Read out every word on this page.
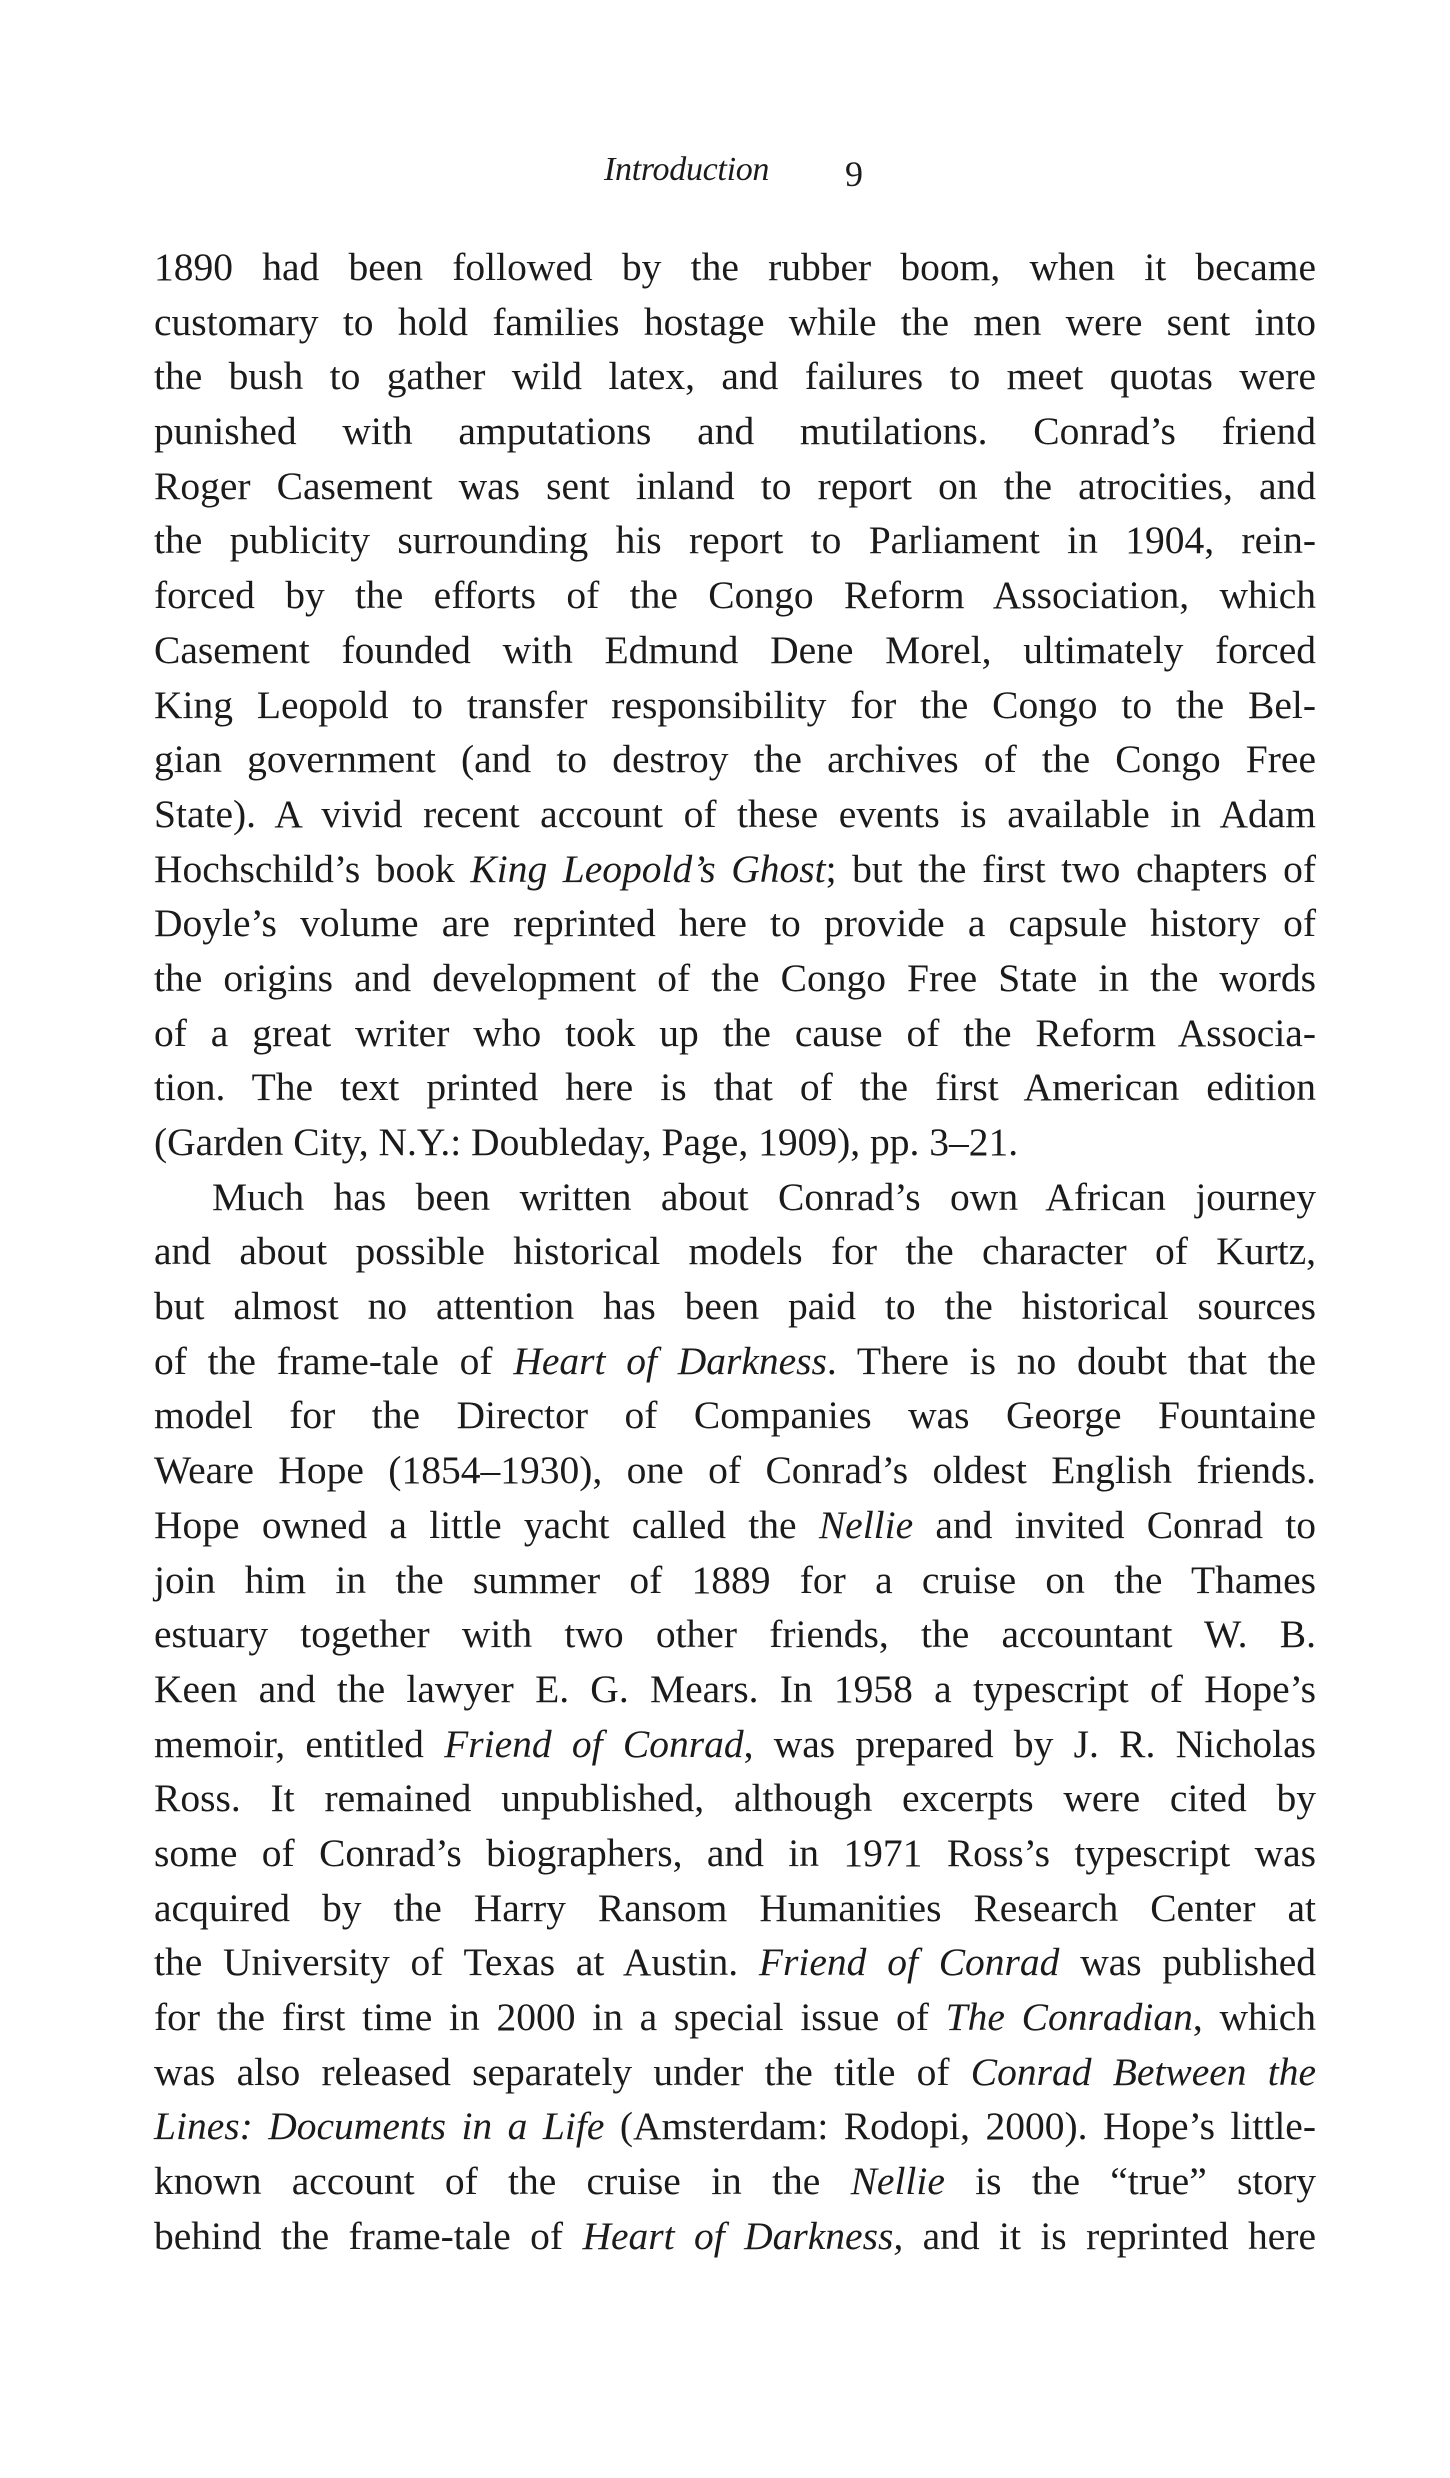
Introduction 9
1890 had been followed by the rubber boom, when it became
customary to hold families hostage while the men were sent into
the bush to gather wild latex, and failures to meet quotas were
punished with amputations and mutilations. Conrad’s friend
Roger Casement was sent inland to report on the atrocities, and
the publicity surrounding his report to Parliament in 1904, rein-
forced by the efforts of the Congo Reform Association, which
Casement founded with Edmund Dene Morel, ultimately forced
King Leopold to transfer responsibility for the Congo to the Bel-
gian government (and to destroy the archives of the Congo Free
State). A vivid recent account of these events is available in Adam
Hochschild’s book King Leopold’s Ghost; but the first two chapters of
Doyle’s volume are reprinted here to provide a capsule history of
the origins and development of the Congo Free State in the words
of a great writer who took up the cause of the Reform Associa-
tion. The text printed here is that of the first American edition
(Garden City, N.Y.: Doubleday, Page, 1909), pp. 3–21.
Much has been written about Conrad’s own African journey
and about possible historical models for the character of Kurtz,
but almost no attention has been paid to the historical sources
of the frame-tale of Heart of Darkness. There is no doubt that the
model for the Director of Companies was George Fountaine
Weare Hope (1854–1930), one of Conrad’s oldest English friends.
Hope owned a little yacht called the Nellie and invited Conrad to
join him in the summer of 1889 for a cruise on the Thames
estuary together with two other friends, the accountant W. B.
Keen and the lawyer E. G. Mears. In 1958 a typescript of Hope’s
memoir, entitled Friend of Conrad, was prepared by J. R. Nicholas
Ross. It remained unpublished, although excerpts were cited by
some of Conrad’s biographers, and in 1971 Ross’s typescript was
acquired by the Harry Ransom Humanities Research Center at
the University of Texas at Austin. Friend of Conrad was published
for the first time in 2000 in a special issue of The Conradian, which
was also released separately under the title of Conrad Between the
Lines: Documents in a Life (Amsterdam: Rodopi, 2000). Hope’s little-
known account of the cruise in the Nellie is the “true” story
behind the frame-tale of Heart of Darkness, and it is reprinted here
